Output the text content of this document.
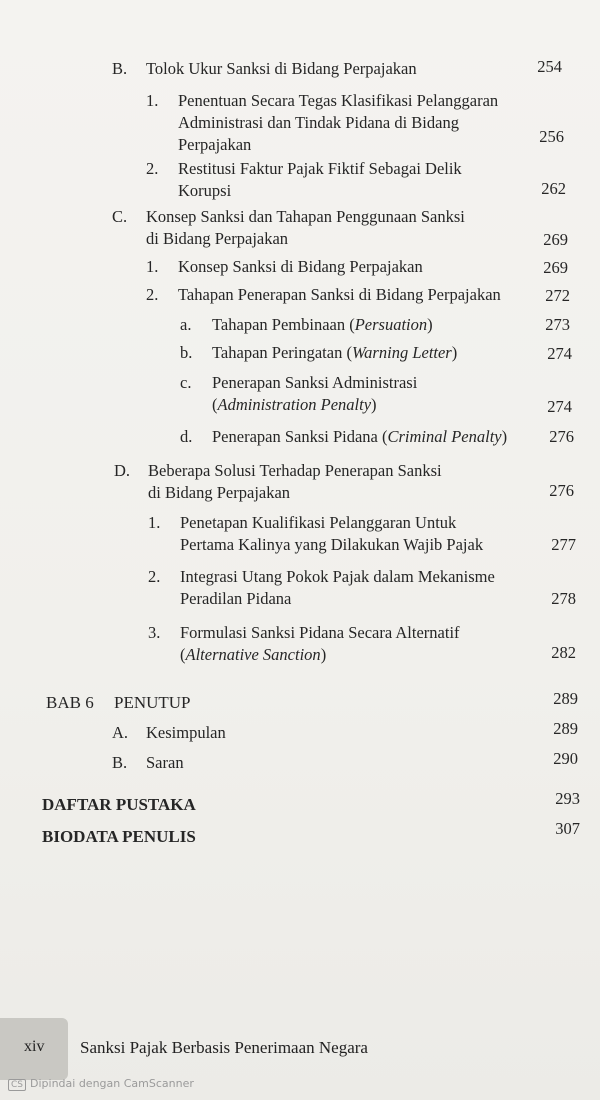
B. Tolok Ukur Sanksi di Bidang Perpajakan	254
1. Penentuan Secara Tegas Klasifikasi Pelanggaran
Administrasi dan Tindak Pidana di Bidang
Perpajakan	256
2. Restitusi Faktur Pajak Fiktif Sebagai Delik
Korupsi	262
C. Konsep Sanksi dan Tahapan Penggunaan Sanksi
di Bidang Perpajakan	269
1. Konsep Sanksi di Bidang Perpajakan	269
2. Tahapan Penerapan Sanksi di Bidang Perpajakan	272
a. Tahapan Pembinaan (Persuation)	273
b. Tahapan Peringatan (Warning Letter)	274
c. Penerapan Sanksi Administrasi
(Administration Penalty)	274
d. Penerapan Sanksi Pidana (Criminal Penalty)	276
D. Beberapa Solusi Terhadap Penerapan Sanksi
di Bidang Perpajakan	276
1. Penetapan Kualifikasi Pelanggaran Untuk
Pertama Kalinya yang Dilakukan Wajib Pajak	277
2. Integrasi Utang Pokok Pajak dalam Mekanisme
Peradilan Pidana	278
3. Formulasi Sanksi Pidana Secara Alternatif
(Alternative Sanction)	282
BAB 6 PENUTUP	289
A. Kesimpulan	289
B. Saran	290
DAFTAR PUSTAKA	293
BIODATA PENULIS	307
xiv Sanksi Pajak Berbasis Penerimaan Negara
CS Dipindai dengan CamScanner
